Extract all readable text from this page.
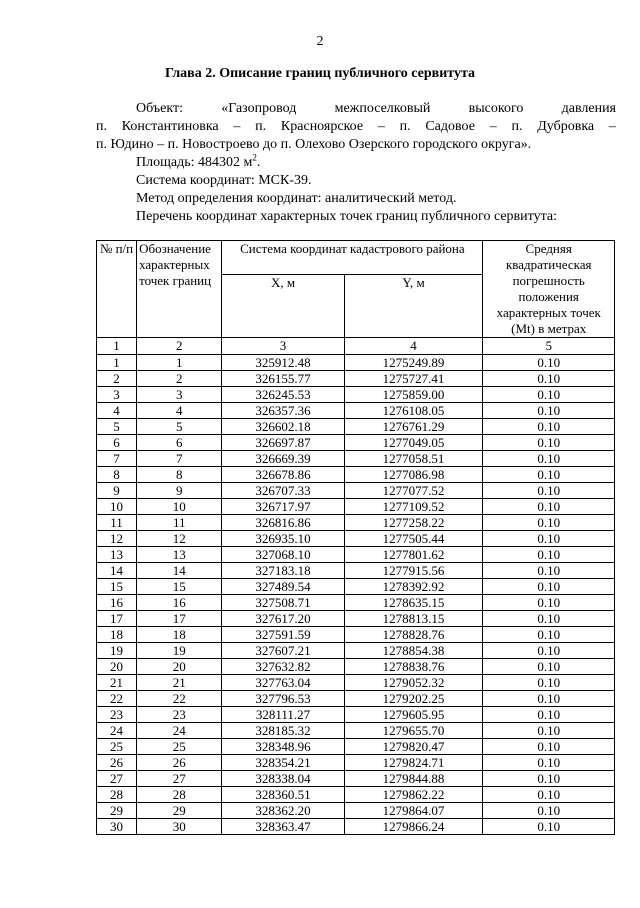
2
Глава 2. Описание границ публичного сервитута
Объект:	«Газопровод	межпоселковый	высокого	давления
п. Константиновка – п. Красноярское – п. Садовое – п. Дубровка –
п. Юдино – п. Новостроево до п. Олехово Озерского городского округа».
Площадь: 484302 $м^2$.
Система координат: МСК-39.
Метод определения координат: аналитический метод.
Перечень координат характерных точек границ публичного сервитута:
№ п/п	Обозначение характерных точек границ	Система координат кадастрового района		Средняя квадратическая погрешность положения характерных точек (Mt) в метрах
		X, м	Y, м	
1	2	3	4	5
1	1	325912.48	1275249.89	0.10
2	2	326155.77	1275727.41	0.10
3	3	326245.53	1275859.00	0.10
4	4	326357.36	1276108.05	0.10
5	5	326602.18	1276761.29	0.10
6	6	326697.87	1277049.05	0.10
7	7	326669.39	1277058.51	0.10
8	8	326678.86	1277086.98	0.10
9	9	326707.33	1277077.52	0.10
10	10	326717.97	1277109.52	0.10
11	11	326816.86	1277258.22	0.10
12	12	326935.10	1277505.44	0.10
13	13	327068.10	1277801.62	0.10
14	14	327183.18	1277915.56	0.10
15	15	327489.54	1278392.92	0.10
16	16	327508.71	1278635.15	0.10
17	17	327617.20	1278813.15	0.10
18	18	327591.59	1278828.76	0.10
19	19	327607.21	1278854.38	0.10
20	20	327632.82	1278838.76	0.10
21	21	327763.04	1279052.32	0.10
22	22	327796.53	1279202.25	0.10
23	23	328111.27	1279605.95	0.10
24	24	328185.32	1279655.70	0.10
25	25	328348.96	1279820.47	0.10
26	26	328354.21	1279824.71	0.10
27	27	328338.04	1279844.88	0.10
28	28	328360.51	1279862.22	0.10
29	29	328362.20	1279864.07	0.10
30	30	328363.47	1279866.24	0.10
